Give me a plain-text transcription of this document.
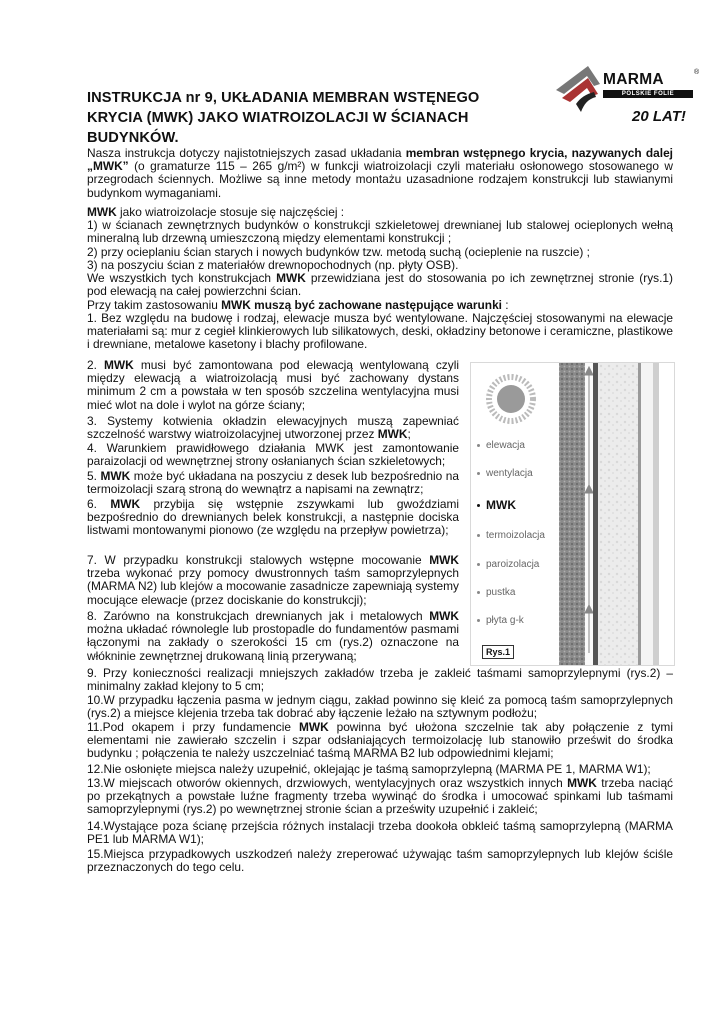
INSTRUKCJA nr 9, UKŁADANIA MEMBRAN WSTĘNEGO KRYCIA (MWK) JAKO WIATROIZOLACJI W ŚCIANACH BUDYNKÓW.
MARMA	®
POLSKIE FOLIE
20 LAT!

Nasza instrukcja dotyczy najistotniejszych zasad układania membran wstępnego krycia, nazywanych dalej „MWK” (o gramaturze 115 – 265 g/m²) w funkcji wiatroizolacji czyli materiału osłonowego stosowanego w przegrodach ściennych. Możliwe są inne metody montażu uzasadnione rodzajem konstrukcji lub stawianymi budynkom wymaganiami.

MWK jako wiatroizolacje stosuje się najczęściej :

1) w ścianach zewnętrznych budynków o konstrukcji szkieletowej drewnianej lub stalowej ocieplonych wełną mineralną lub drzewną umieszczoną między elementami konstrukcji ;

2) przy ocieplaniu ścian starych i nowych budynków tzw. metodą suchą (ocieplenie na ruszcie) ;

3) na poszyciu ścian z materiałów drewnopochodnych (np. płyty OSB).

We wszystkich tych konstrukcjach MWK przewidziana jest do stosowania po ich zewnętrznej stronie (rys.1) pod elewacją na całej powierzchni ścian.

Przy takim zastosowaniu MWK muszą być zachowane następujące warunki :

1. Bez względu na budowę i rodzaj, elewacje musza być wentylowane. Najczęściej stosowanymi na elewacje materiałami są: mur z cegieł klinkierowych lub silikatowych, deski, okładziny betonowe i ceramiczne, plastikowe i drewniane, metalowe kasetony i blachy profilowane.

2. MWK musi być zamontowana pod elewacją wentylowaną czyli między elewacją a wiatroizolacją musi być zachowany dystans minimum 2 cm a powstała w ten sposób szczelina wentylacyjna musi mieć wlot na dole i wylot na górze ściany;

3. Systemy kotwienia okładzin elewacyjnych muszą zapewniać szczelność warstwy wiatroizolacyjnej utworzonej przez MWK;

4. Warunkiem prawidłowego działania MWK jest zamontowanie paraizolacji od wewnętrznej strony osłanianych ścian szkieletowych;

5. MWK może być układana na poszyciu z desek lub bezpośrednio na termoizolacji szarą stroną do wewnątrz a napisami na zewnątrz;

6. MWK przybija się wstępnie zszywkami lub gwoździami bezpośrednio do drewnianych belek konstrukcji, a następnie dociska listwami montowanymi pionowo (ze względu na przepływ powietrza);

7. W przypadku konstrukcji stalowych wstępne mocowanie MWK trzeba wykonać przy pomocy dwustronnych taśm samoprzylepnych (MARMA N2) lub klejów a mocowanie zasadnicze zapewniają systemy mocujące elewacje (przez dociskanie do konstrukcji);

8. Zarówno na konstrukcjach drewnianych jak i metalowych MWK można układać równolegle lub prostopadle do fundamentów pasmami łączonymi na zakłady o szerokości 15 cm (rys.2) oznaczone na włókninie zewnętrznej drukowaną linią przerywaną;

elewacja
wentylacja
MWK
termoizolacja
paroizolacja
pustka
płyta g-k
Rys.1

9. Przy konieczności realizacji mniejszych zakładów trzeba je zakleić taśmami samoprzylepnymi (rys.2) – minimalny zakład klejony to 5 cm;

10.W przypadku łączenia pasma w jednym ciągu, zakład powinno się kleić za pomocą taśm samoprzylepnych (rys.2) a miejsce klejenia trzeba tak dobrać aby łączenie leżało na sztywnym podłożu;

11.Pod okapem i przy fundamencie MWK powinna być ułożona szczelnie tak aby połączenie z tymi elementami nie zawierało szczelin i szpar odsłaniających termoizolację lub stanowiło prześwit do środka budynku ; połączenia te należy uszczelniać taśmą MARMA B2 lub odpowiednimi klejami;

12.Nie osłonięte miejsca należy uzupełnić, oklejając je taśmą samoprzylepną (MARMA PE 1, MARMA W1);

13.W miejscach otworów okiennych, drzwiowych, wentylacyjnych oraz wszystkich innych MWK trzeba naciąć po przekątnych a powstałe luźne fragmenty trzeba wywinąć do środka i umocować spinkami lub taśmami samoprzylepnymi (rys.2) po wewnętrznej stronie ścian a prześwity uzupełnić i zakleić;

14.Wystające poza ścianę przejścia różnych instalacji trzeba dookoła obkleić taśmą samoprzylepną (MARMA PE1 lub MARMA W1);

15.Miejsca przypadkowych uszkodzeń należy zreperować używając taśm samoprzylepnych lub klejów ściśle przeznaczonych do tego celu.
